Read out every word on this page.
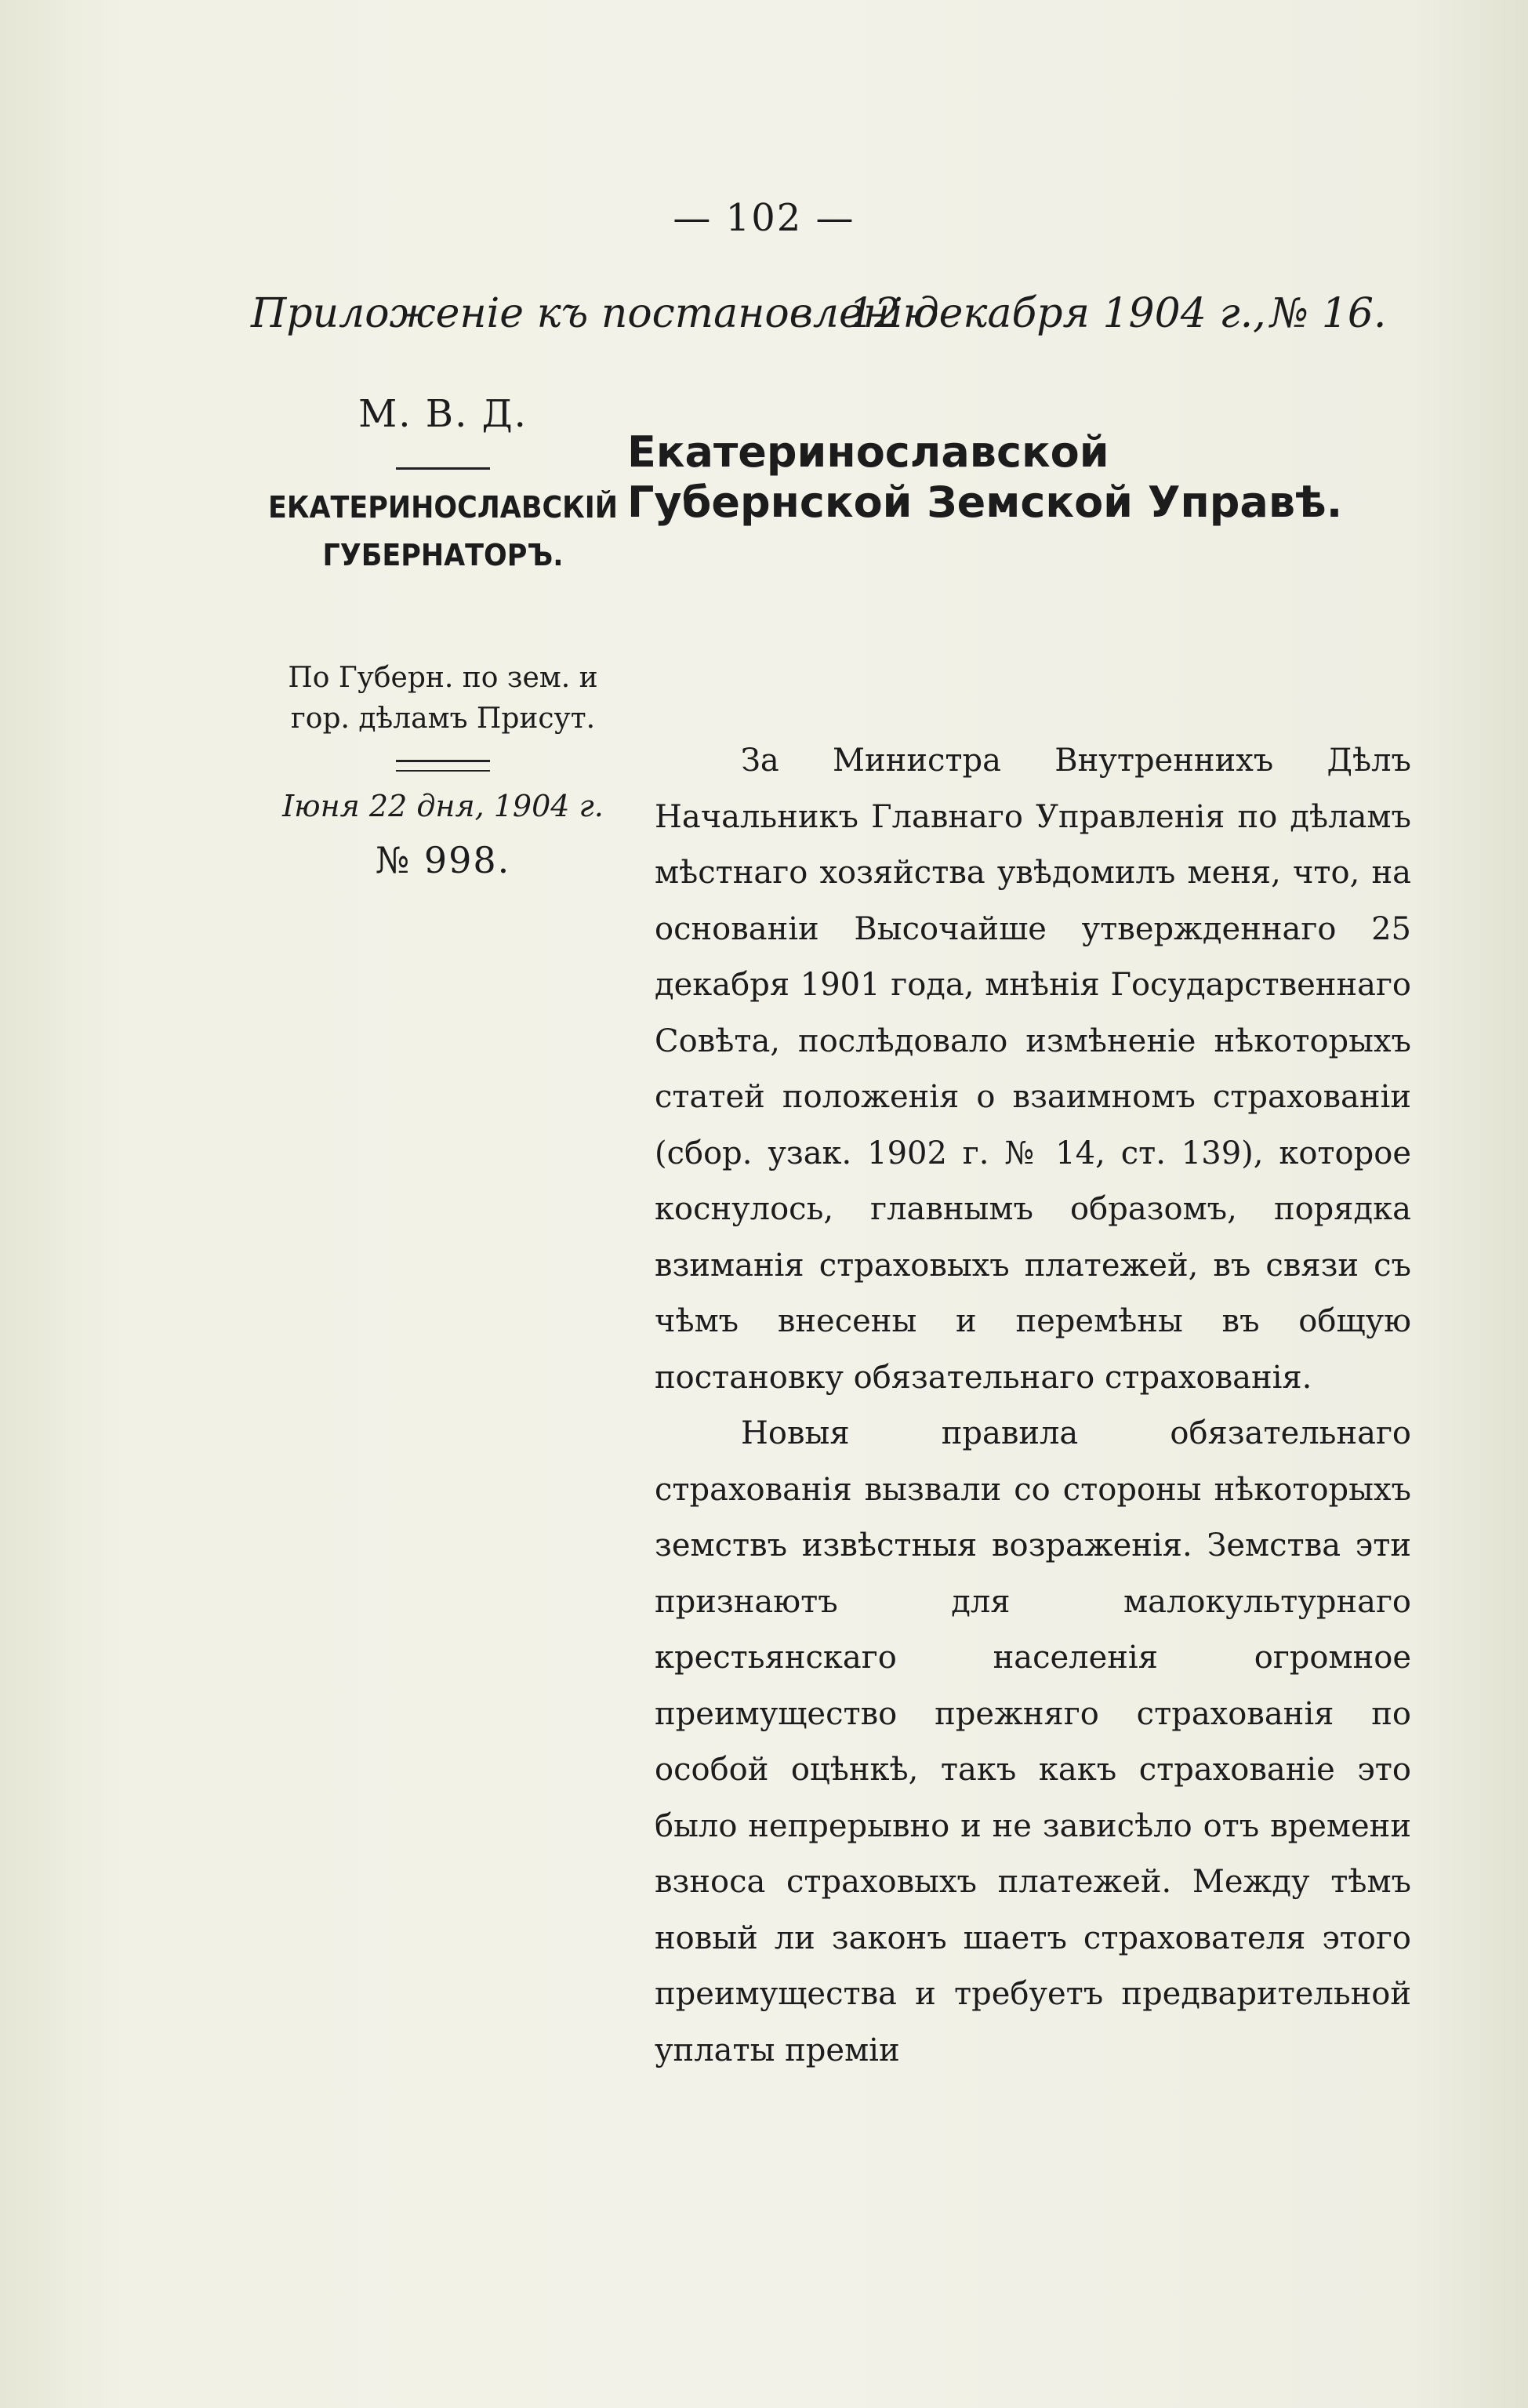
— 102 —
Приложеніе къ постановленію
12 декабря 1904 г., № 16.
М. В. Д.
ЕКАТЕРИНОСЛАВСКІЙ
ГУБЕРНАТОРЪ.
По Губерн. по зем. и
гор. дѣламъ Присут.
Іюня 22 дня, 1904 г.
№ 998.
Екатеринославской Губернской Земской Управѣ.

За Министра Внутреннихъ Дѣлъ Начальникъ Главнаго Управленія по дѣламъ мѣстнаго хозяйства увѣдомилъ меня, что, на основаніи Высочайше утвержденнаго 25 декабря 1901 года, мнѣнія Государственнаго Совѣта, послѣдовало измѣненіе нѣкоторыхъ статей положенія о взаимномъ страхованіи (сбор. узак. 1902 г. № 14, ст. 139), которое коснулось, главнымъ образомъ, порядка взиманія страховыхъ платежей, въ связи съ чѣмъ внесены и перемѣны въ общую постановку обязательнаго страхованія.

Новыя правила обязательнаго страхованія вызвали со стороны нѣкоторыхъ земствъ извѣстныя возраженія. Земства эти признаютъ для малокультурнаго крестьянскаго населенія огромное преимущество прежняго страхованія по особой оцѣнкѣ, такъ какъ страхованіе это было непрерывно и не зависѣло отъ времени взноса страховыхъ платежей. Между тѣмъ новый ли законъ шаетъ страхователя этого преимущества и требуетъ предварительной уплаты преміи
